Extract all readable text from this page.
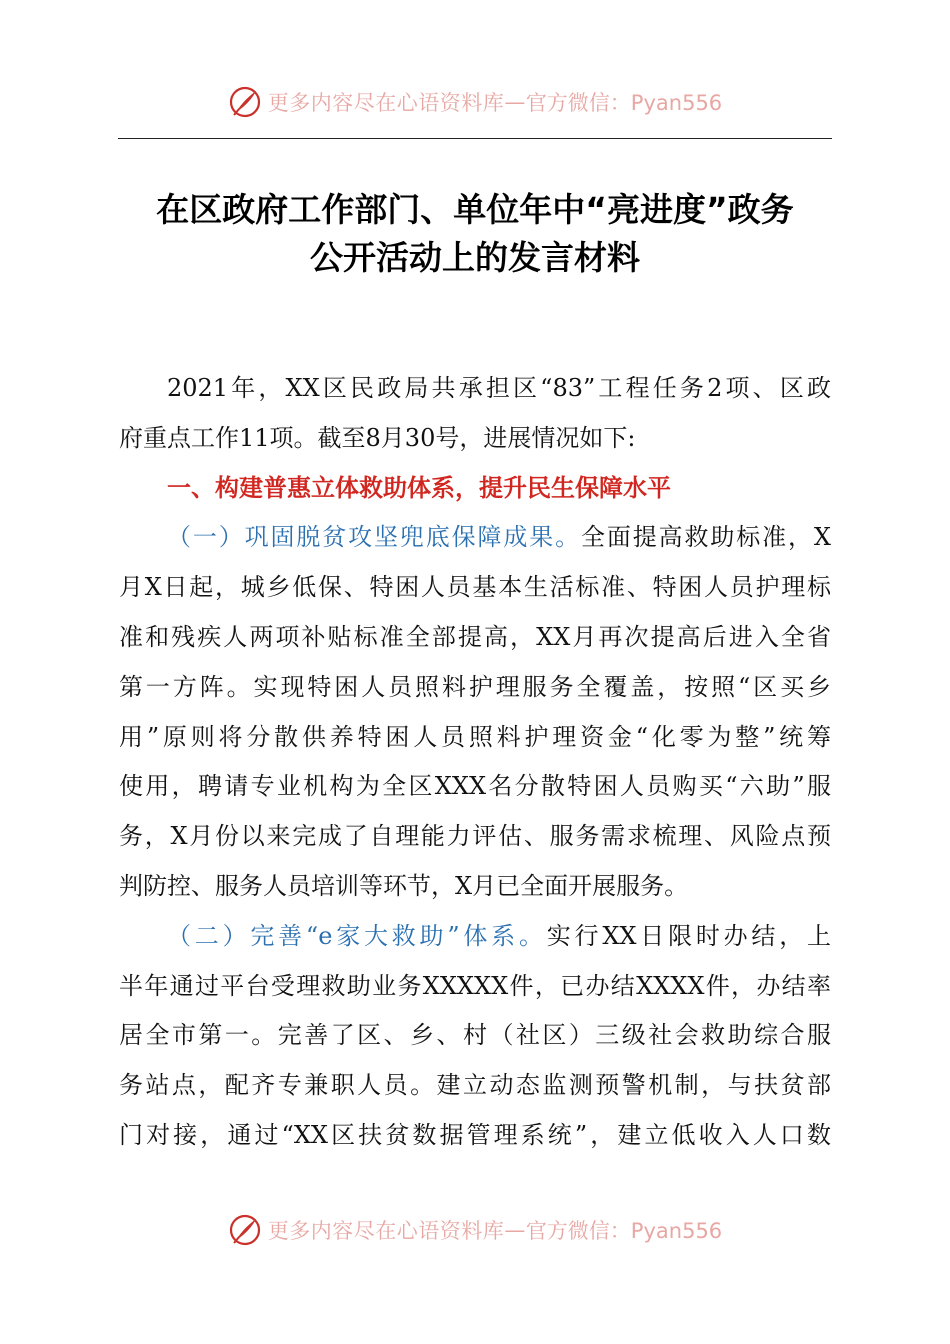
更多内容尽在心语资料库 — 官方微信：Pyan556
在区政府工作部门、单位年中“亮进度”政务
公开活动上的发言材料
2021年，XX区民政局共承担区“83”工程任务2项、区政
府重点工作11项。截至8月30号，进展情况如下:
一、构建普惠立体救助体系，提升民生保障水平
（一）巩固脱贫攻坚兜底保障成果。全面提高救助标准，X
月X日起，城乡低保、特困人员基本生活标准、特困人员护理标
准和残疾人两项补贴标准全部提高，XX月再次提高后进入全省
第一方阵。实现特困人员照料护理服务全覆盖，按照“区买乡
用”原则将分散供养特困人员照料护理资金“化零为整”统筹
使用，聘请专业机构为全区XXX名分散特困人员购买“六助”服
务，X月份以来完成了自理能力评估、服务需求梳理、风险点预
判防控、服务人员培训等环节，X月已全面开展服务。
（二）完善“e家大救助”体系。实行XX日限时办结，上
半年通过平台受理救助业务XXXXX件，已办结XXXX件，办结率
居全市第一。完善了区、乡、村（社区）三级社会救助综合服
务站点，配齐专兼职人员。建立动态监测预警机制，与扶贫部
门对接，通过“XX区扶贫数据管理系统”，建立低收入人口数
更多内容尽在心语资料库 — 官方微信：Pyan556
